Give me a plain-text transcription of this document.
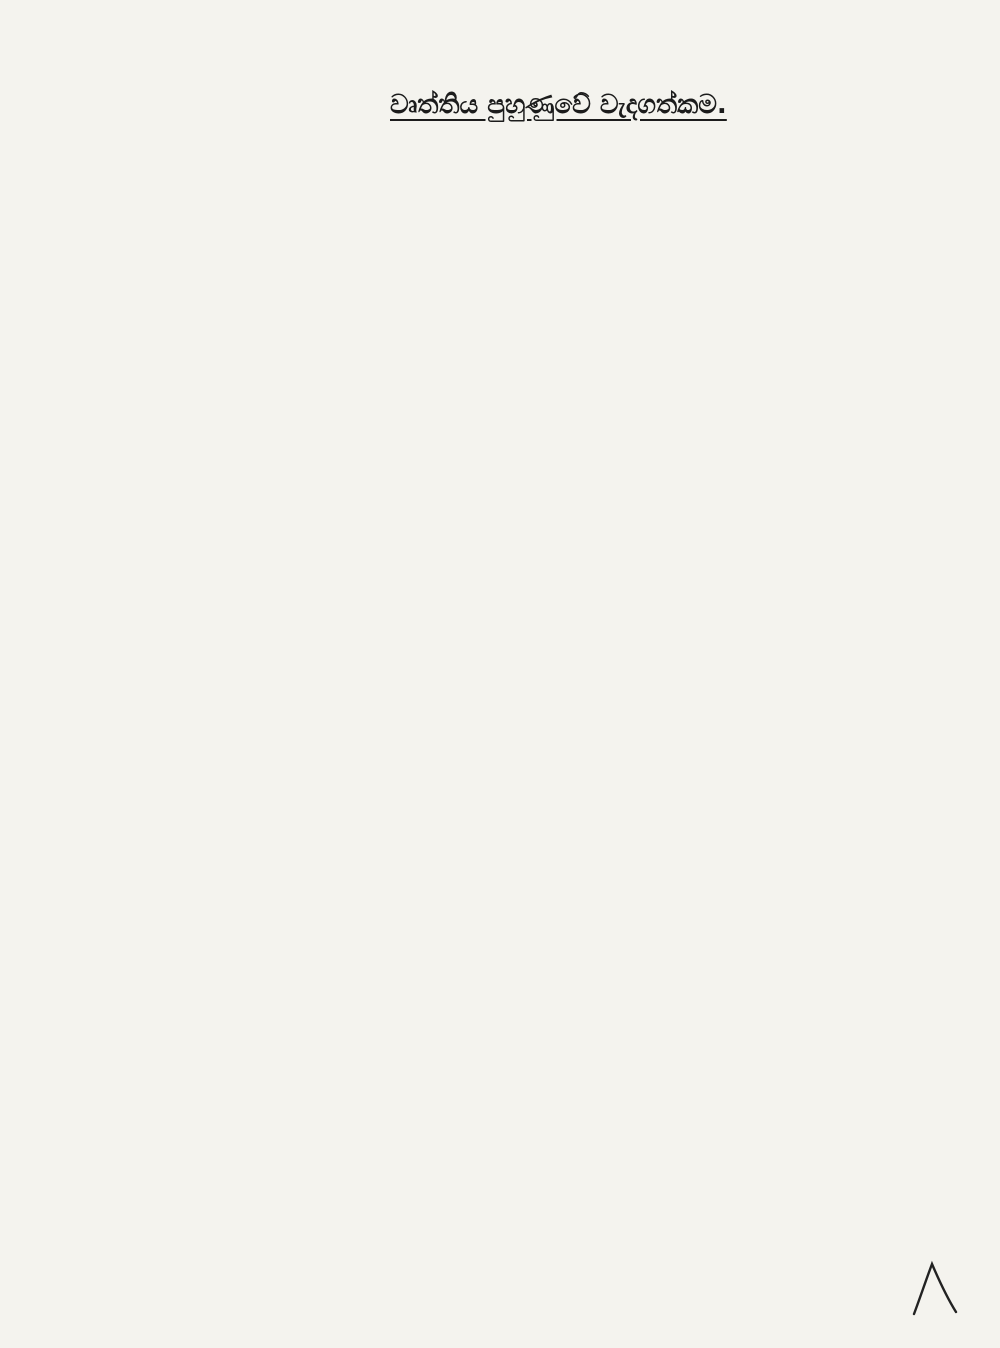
වෘත්තිය පුහුණුවේ වැදගත්කම.
